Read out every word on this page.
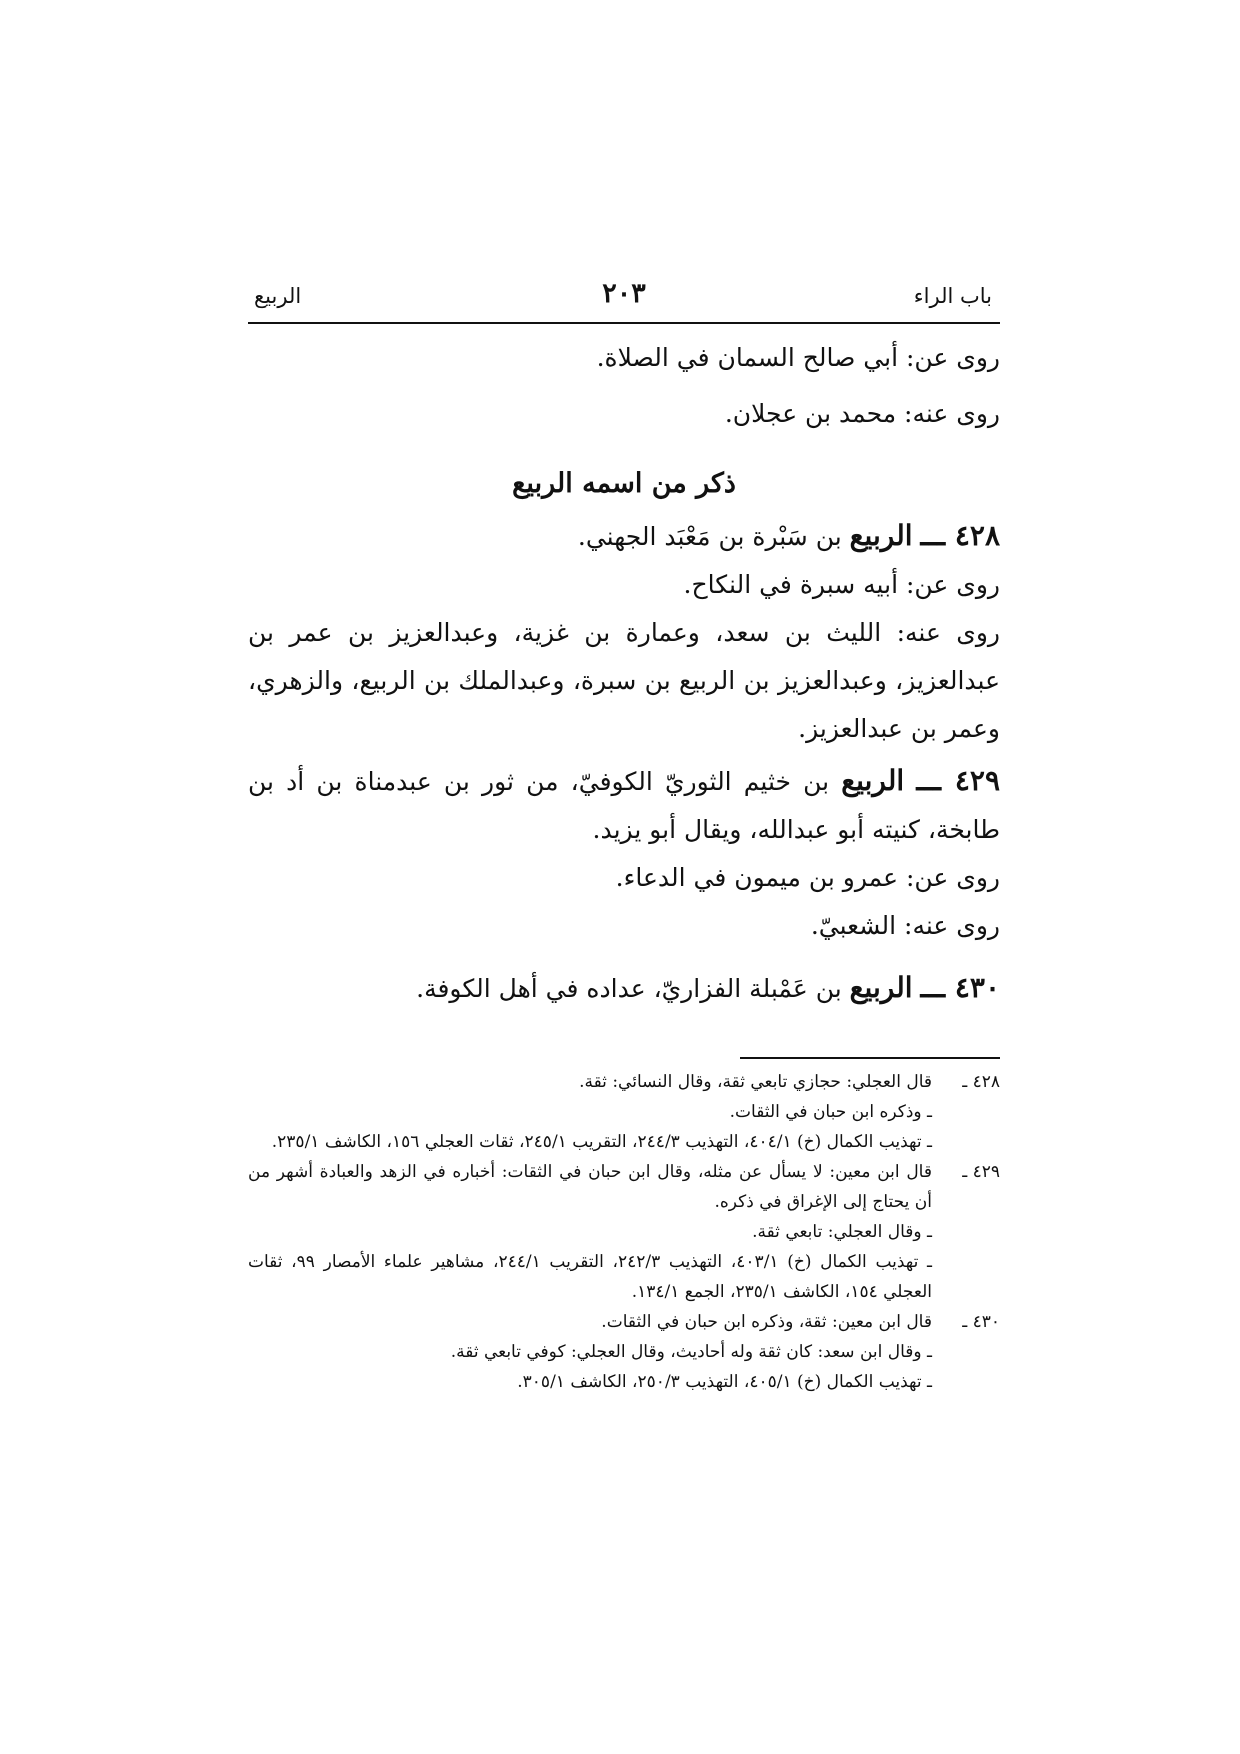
باب الراء
٢٠٣
الربيع

روى عن: أبي صالح السمان في الصلاة.

روى عنه: محمد بن عجلان.

ذكر من اسمه الربيع

٤٢٨ ـــ الربيع بن سَبْرة بن مَعْبَد الجهني.

روى عن: أبيه سبرة في النكاح.

روى عنه: الليث بن سعد، وعمارة بن غزية، وعبدالعزيز بن عمر بن عبدالعزيز، وعبدالعزيز بن الربيع بن سبرة، وعبدالملك بن الربيع، والزهري، وعمر بن عبدالعزيز.

٤٢٩ ـــ الربيع بن خثيم الثوريّ الكوفيّ، من ثور بن عبدمناة بن أد بن طابخة، كنيته أبو عبدالله، ويقال أبو يزيد.

روى عن: عمرو بن ميمون في الدعاء.

روى عنه: الشعبيّ.

٤٣٠ ـــ الربيع بن عَمْبلة الفزاريّ، عداده في أهل الكوفة.

٤٢٨ ـ

قال العجلي: حجازي تابعي ثقة، وقال النسائي: ثقة.

ـ وذكره ابن حبان في الثقات.

ـ تهذيب الكمال (خ) ٤٠٤/١، التهذيب ٢٤٤/٣، التقريب ٢٤٥/١، ثقات العجلي ١٥٦، الكاشف ٢٣٥/١.

٤٢٩ ـ

قال ابن معين: لا يسأل عن مثله، وقال ابن حبان في الثقات: أخباره في الزهد والعبادة أشهر من أن يحتاج إلى الإغراق في ذكره.

ـ وقال العجلي: تابعي ثقة.

ـ تهذيب الكمال (خ) ٤٠٣/١، التهذيب ٢٤٢/٣، التقريب ٢٤٤/١، مشاهير علماء الأمصار ٩٩، ثقات العجلي ١٥٤، الكاشف ٢٣٥/١، الجمع ١٣٤/١.

٤٣٠ ـ

قال ابن معين: ثقة، وذكره ابن حبان في الثقات.

ـ وقال ابن سعد: كان ثقة وله أحاديث، وقال العجلي: كوفي تابعي ثقة.

ـ تهذيب الكمال (خ) ٤٠٥/١، التهذيب ٢٥٠/٣، الكاشف ٣٠٥/١.
